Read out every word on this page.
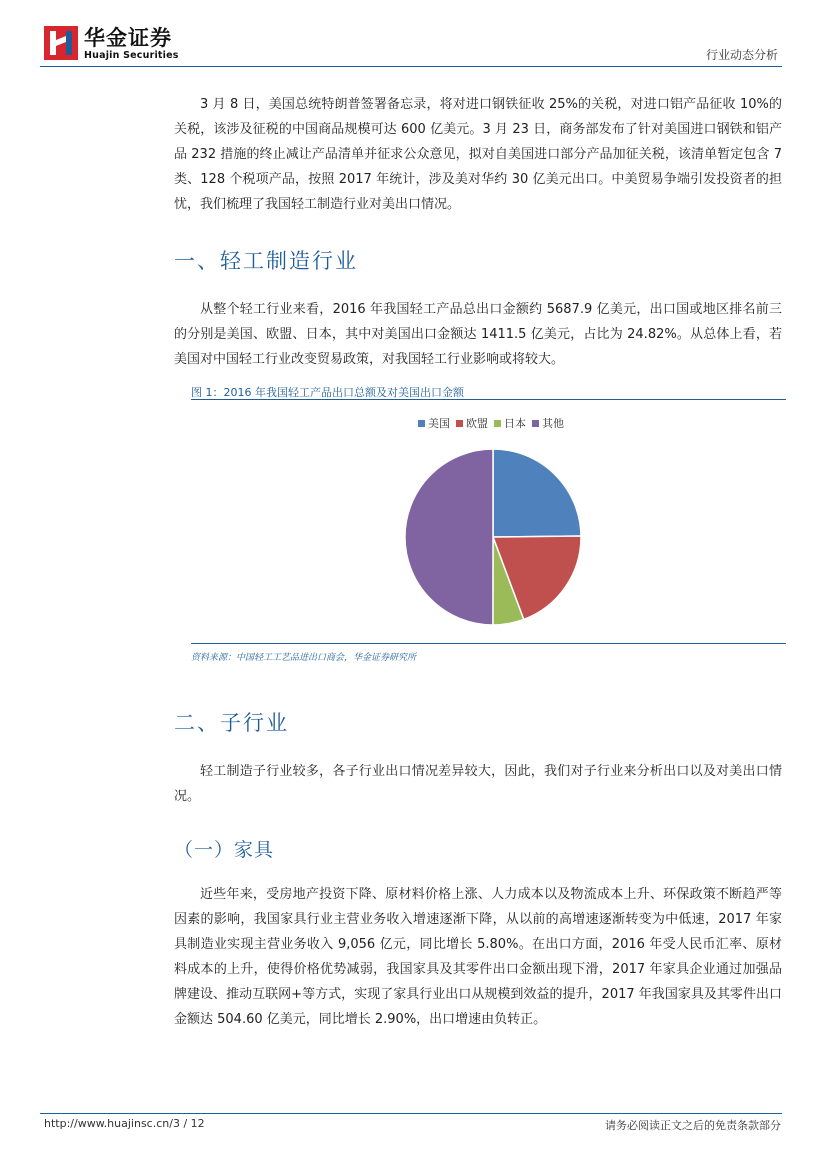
华金证券
Huajin Securities	行业动态分析

3 月 8 日，美国总统特朗普签署备忘录，将对进口钢铁征收 25%的关税，对进口铝产品征收 10%的关税，该涉及征税的中国商品规模可达 600 亿美元。3 月 23 日，商务部发布了针对美国进口钢铁和铝产品 232 措施的终止减让产品清单并征求公众意见，拟对自美国进口部分产品加征关税，该清单暂定包含 7 类、128 个税项产品，按照 2017 年统计，涉及美对华约 30 亿美元出口。中美贸易争端引发投资者的担忧，我们梳理了我国轻工制造行业对美出口情况。

一、轻工制造行业

从整个轻工行业来看，2016 年我国轻工产品总出口金额约 5687.9 亿美元，出口国或地区排名前三的分别是美国、欧盟、日本，其中对美国出口金额达 1411.5 亿美元，占比为 24.82%。从总体上看，若美国对中国轻工行业改变贸易政策，对我国轻工行业影响或将较大。

图 1：2016 年我国轻工产品出口总额及对美国出口金额
美国 欧盟 日本 其他
资料来源：中国轻工工艺品进出口商会，华金证券研究所
二、子行业

轻工制造子行业较多，各子行业出口情况差异较大，因此，我们对子行业来分析出口以及对美出口情况。

（一）家具

近些年来，受房地产投资下降、原材料价格上涨、人力成本以及物流成本上升、环保政策不断趋严等因素的影响，我国家具行业主营业务收入增速逐渐下降，从以前的高增速逐渐转变为中低速，2017 年家具制造业实现主营业务收入 9,056 亿元，同比增长 5.80%。在出口方面，2016 年受人民币汇率、原材料成本的上升，使得价格优势减弱，我国家具及其零件出口金额出现下滑，2017 年家具企业通过加强品牌建设、推动互联网+等方式，实现了家具行业出口从规模到效益的提升，2017 年我国家具及其零件出口金额达 504.60 亿美元，同比增长 2.90%，出口增速由负转正。

http://www.huajinsc.cn/3 / 12	请务必阅读正文之后的免责条款部分
